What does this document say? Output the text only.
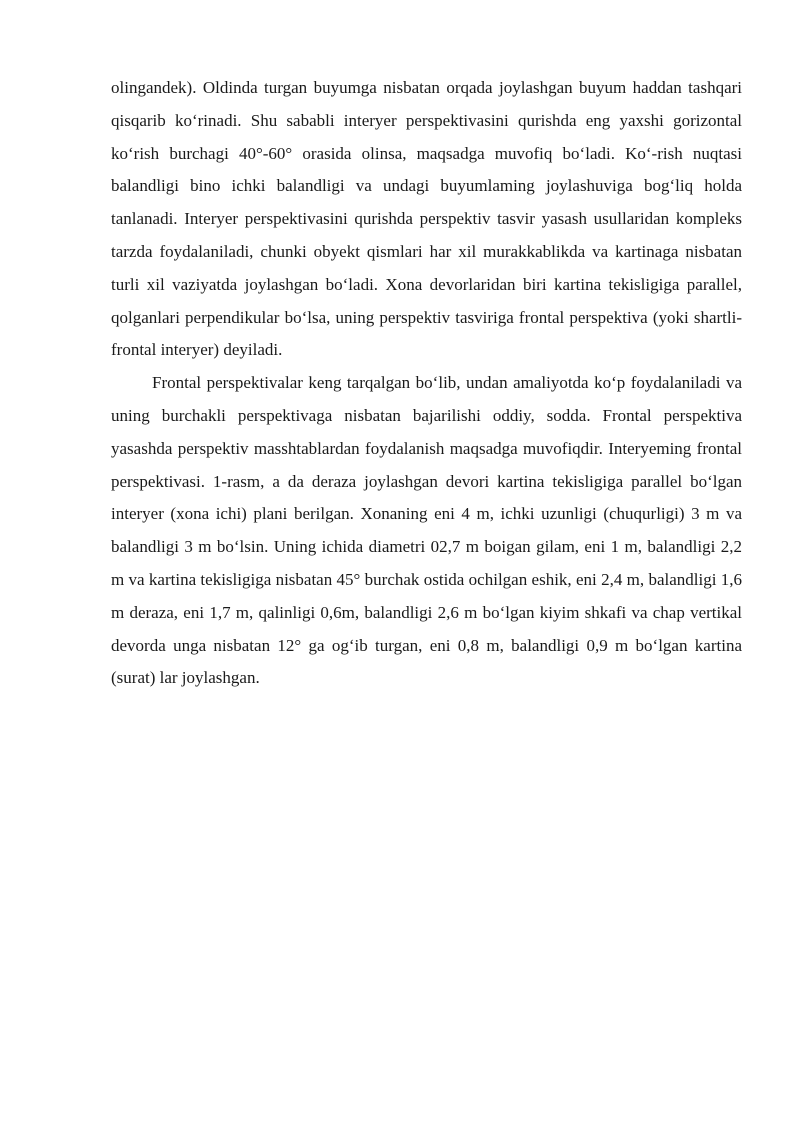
olingandek). Oldinda turgan buyumga nisbatan orqada joylashgan buyum haddan tashqari qisqarib ko‘rinadi. Shu sababli interyer perspektivasini qurishda eng yaxshi gorizontal ko‘rish burchagi 40°-60° orasida olinsa, maqsadga muvofiq bo‘ladi. Ko‘-rish nuqtasi balandligi bino ichki balandligi va undagi buyumlaming joylashuviga bog‘liq holda tanlanadi. Interyer perspektivasini qurishda perspektiv tasvir yasash usullaridan kompleks tarzda foydalaniladi, chunki obyekt qismlari har xil murakkablikda va kartinaga nisbatan turli xil vaziyatda joylashgan bo‘ladi. Xona devorlaridan biri kartina tekisligiga parallel, qolganlari perpendikular bo‘lsa, uning perspektiv tasviriga frontal perspektiva (yoki shartli-frontal interyer) deyiladi.

Frontal perspektivalar keng tarqalgan bo‘lib, undan amaliyotda ko‘p foydalaniladi va uning burchakli perspektivaga nisbatan bajarilishi oddiy, sodda. Frontal perspektiva yasashda perspektiv masshtablardan foydalanish maqsadga muvofiqdir. Interyeming frontal perspektivasi. 1-rasm, a da deraza joylashgan devori kartina tekisligiga parallel bo‘lgan interyer (xona ichi) plani berilgan. Xonaning eni 4 m, ichki uzunligi (chuqurligi) 3 m va balandligi 3 m bo‘lsin. Uning ichida diametri 02,7 m boigan gilam, eni 1 m, balandligi 2,2 m va kartina tekisligiga nisbatan 45° burchak ostida ochilgan eshik, eni 2,4 m, balandligi 1,6 m deraza, eni 1,7 m, qalinligi 0,6m, balandligi 2,6 m bo‘lgan kiyim shkafi va chap vertikal devorda unga nisbatan 12° ga og‘ib turgan, eni 0,8 m, balandligi 0,9 m bo‘lgan kartina (surat) lar joylashgan.
